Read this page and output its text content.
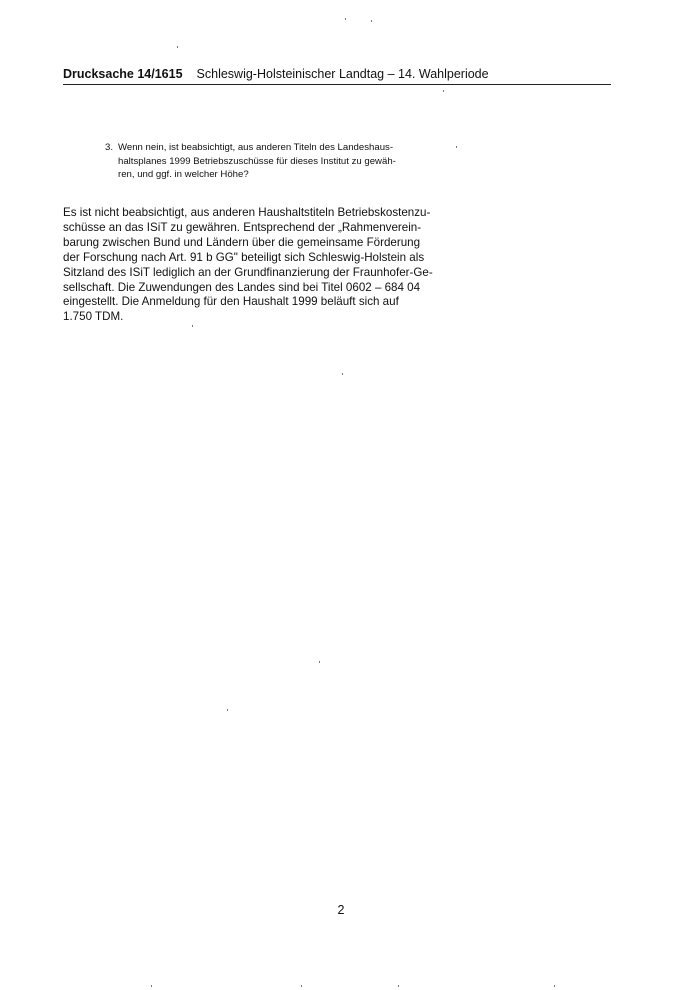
Drucksache 14/1615 Schleswig-Holsteinischer Landtag – 14. Wahlperiode
3. Wenn nein, ist beabsichtigt, aus anderen Titeln des Landeshaus-
haltsplanes 1999 Betriebszuschüsse für dieses Institut zu gewäh-
ren, und ggf. in welcher Höhe?
Es ist nicht beabsichtigt, aus anderen Haushaltstiteln Betriebskostenzu-
schüsse an das ISiT zu gewähren. Entsprechend der „Rahmenverein-
barung zwischen Bund und Ländern über die gemeinsame Förderung
der Forschung nach Art. 91 b GG" beteiligt sich Schleswig-Holstein als
Sitzland des ISiT lediglich an der Grundfinanzierung der Fraunhofer-Ge-
sellschaft. Die Zuwendungen des Landes sind bei Titel 0602 – 684 04
eingestellt. Die Anmeldung für den Haushalt 1999 beläuft sich auf
1.750 TDM.
2
